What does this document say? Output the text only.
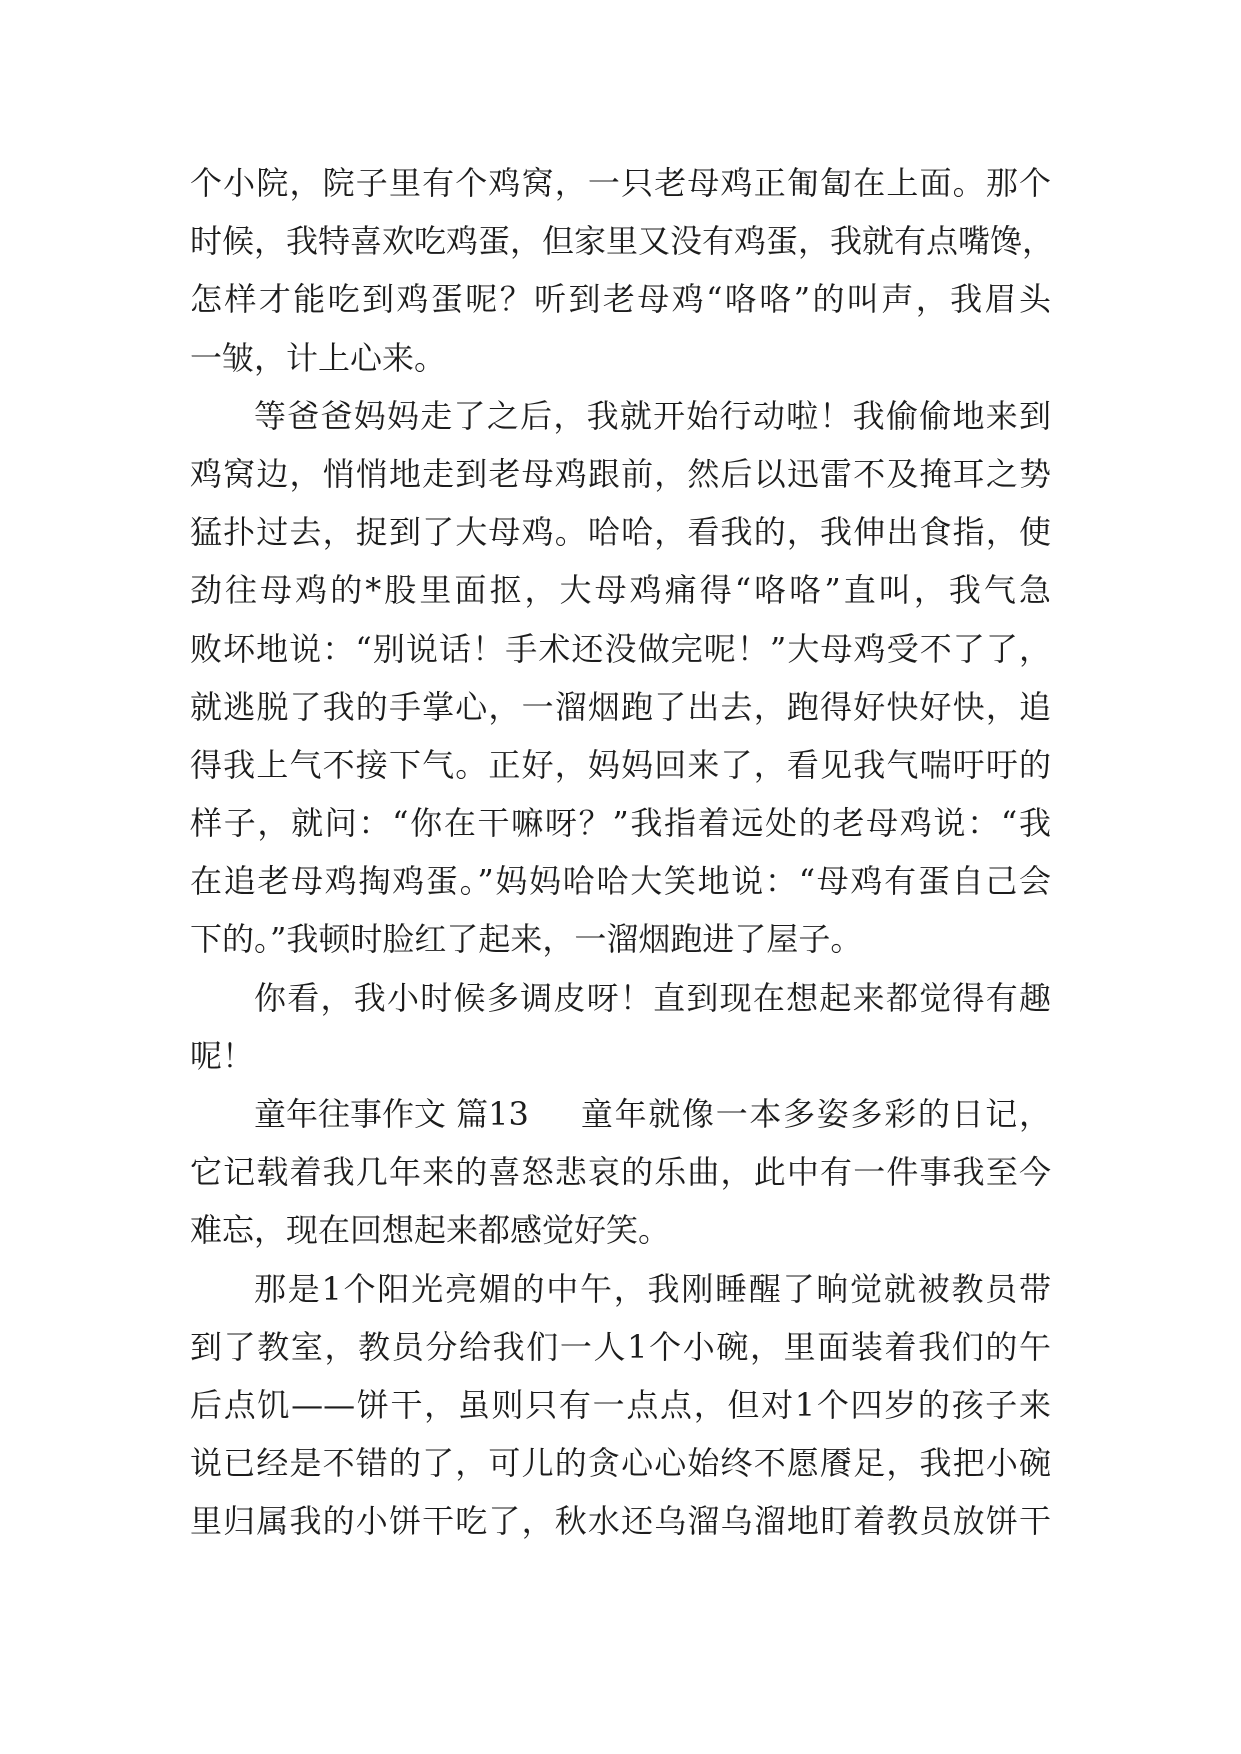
个小院，院子里有个鸡窝，一只老母鸡正匍匐在上面。那个
时候，我特喜欢吃鸡蛋，但家里又没有鸡蛋，我就有点嘴馋，
怎样才能吃到鸡蛋呢？听到老母鸡“咯咯”的叫声，我眉头
一皱，计上心来。
等爸爸妈妈走了之后，我就开始行动啦！我偷偷地来到
鸡窝边，悄悄地走到老母鸡跟前，然后以迅雷不及掩耳之势
猛扑过去，捉到了大母鸡。哈哈，看我的，我伸出食指，使
劲往母鸡的*股里面抠，大母鸡痛得“咯咯”直叫，我气急
败坏地说：“别说话！手术还没做完呢！”大母鸡受不了了，
就逃脱了我的手掌心，一溜烟跑了出去，跑得好快好快，追
得我上气不接下气。正好，妈妈回来了，看见我气喘吁吁的
样子，就问：“你在干嘛呀？”我指着远处的老母鸡说：“我
在追老母鸡掏鸡蛋。”妈妈哈哈大笑地说：“母鸡有蛋自己会
下的。”我顿时脸红了起来，一溜烟跑进了屋子。
你看，我小时候多调皮呀！直到现在想起来都觉得有趣
呢！
童年往事作文 篇13 童年就像一本多姿多彩的日记，
它记载着我几年来的喜怒悲哀的乐曲，此中有一件事我至今
难忘，现在回想起来都感觉好笑。
那是1个阳光亮媚的中午，我刚睡醒了晌觉就被教员带
到了教室，教员分给我们一人1个小碗，里面装着我们的午
后点饥——饼干，虽则只有一点点，但对1个四岁的孩子来
说已经是不错的了，可儿的贪心心始终不愿餍足，我把小碗
里归属我的小饼干吃了，秋水还乌溜乌溜地盯着教员放饼干
